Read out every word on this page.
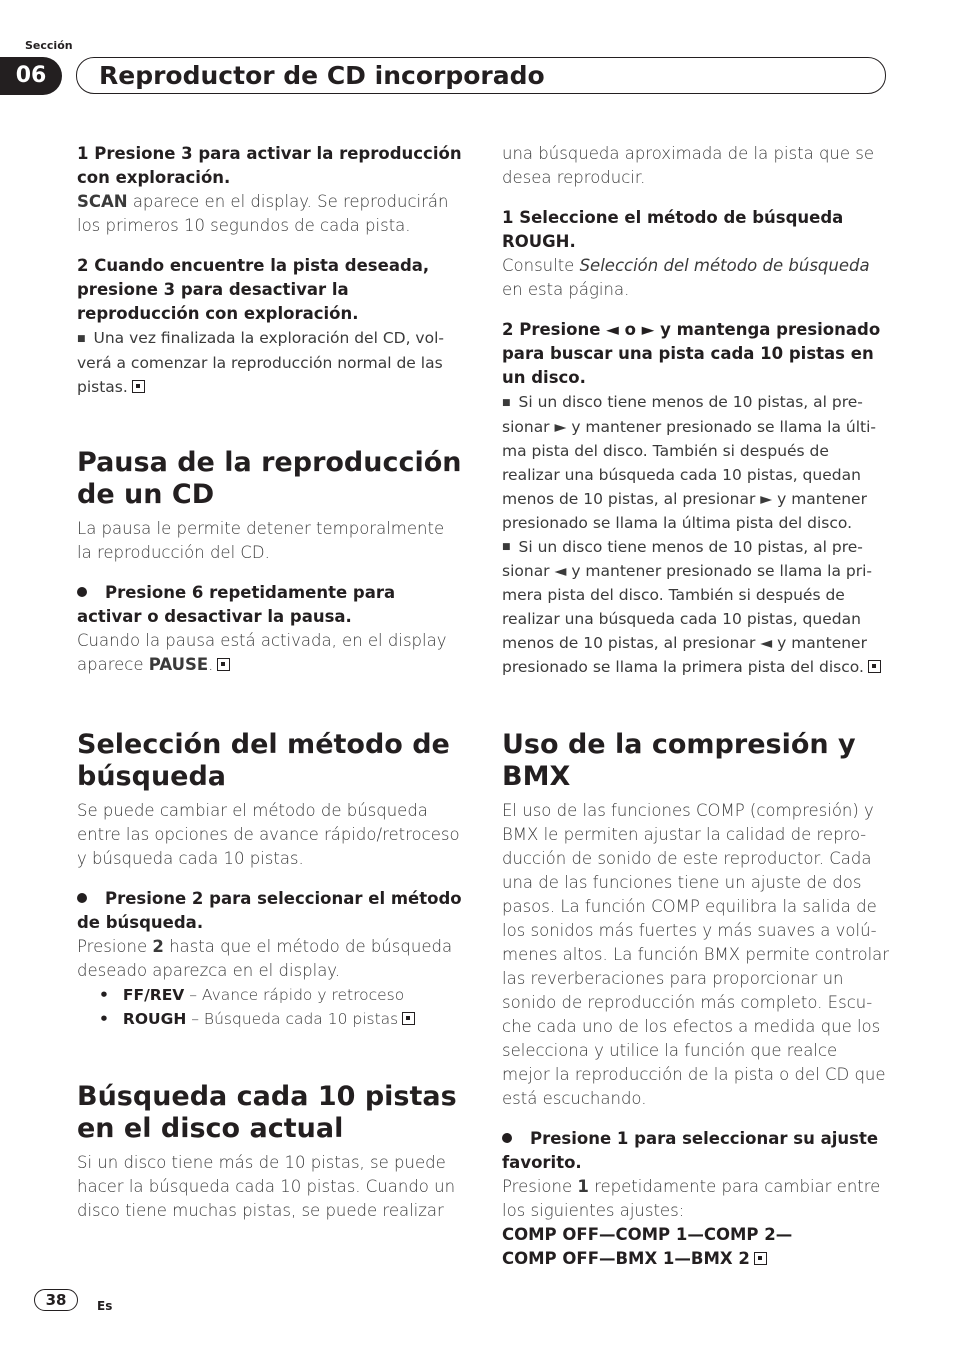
Sección
06	Reproductor de CD incorporado

1 Presione 3 para activar la reproducción con exploración.

SCAN aparece en el display. Se reproducirán los primeros 10 segundos de cada pista.

2 Cuando encuentre la pista deseada, presione 3 para desactivar la reproducción con exploración.

■ Una vez finalizada la exploración del CD, volverá a comenzar la reproducción normal de las pistas.

Pausa de la reproducción de un CD

La pausa le permite detener temporalmente la reproducción del CD.

Presione 6 repetidamente para activar o desactivar la pausa.

Cuando la pausa está activada, en el display aparece PAUSE.

Selección del método de búsqueda

Se puede cambiar el método de búsqueda entre las opciones de avance rápido/retroceso y búsqueda cada 10 pistas.

Presione 2 para seleccionar el método de búsqueda.

Presione 2 hasta que el método de búsqueda deseado aparezca en el display.

• FF/REV – Avance rápido y retroceso
• ROUGH – Búsqueda cada 10 pistas
Búsqueda cada 10 pistas en el disco actual

Si un disco tiene más de 10 pistas, se puede hacer la búsqueda cada 10 pistas. Cuando un disco tiene muchas pistas, se puede realizar

una búsqueda aproximada de la pista que se desea reproducir.

1 Seleccione el método de búsqueda ROUGH.

Consulte Selección del método de búsqueda en esta página.

2 Presione ◄ o ► y mantenga presionado para buscar una pista cada 10 pistas en un disco.

■ Si un disco tiene menos de 10 pistas, al presionar ► y mantener presionado se llama la última pista del disco. También si después de realizar una búsqueda cada 10 pistas, quedan menos de 10 pistas, al presionar ► y mantener presionado se llama la última pista del disco.

■ Si un disco tiene menos de 10 pistas, al presionar ◄ y mantener presionado se llama la primera pista del disco. También si después de realizar una búsqueda cada 10 pistas, quedan menos de 10 pistas, al presionar ◄ y mantener presionado se llama la primera pista del disco.

Uso de la compresión y BMX

El uso de las funciones COMP (compresión) y BMX le permiten ajustar la calidad de reproducción de sonido de este reproductor. Cada una de las funciones tiene un ajuste de dos pasos. La función COMP equilibra la salida de los sonidos más fuertes y más suaves a volúmenes altos. La función BMX permite controlar las reverberaciones para proporcionar un sonido de reproducción más completo. Escuche cada uno de los efectos a medida que los selecciona y utilice la función que realce mejor la reproducción de la pista o del CD que está escuchando.

Presione 1 para seleccionar su ajuste favorito.

Presione 1 repetidamente para cambiar entre los siguientes ajustes:

COMP OFF—COMP 1—COMP 2—

COMP OFF—BMX 1—BMX 2

38	Es
